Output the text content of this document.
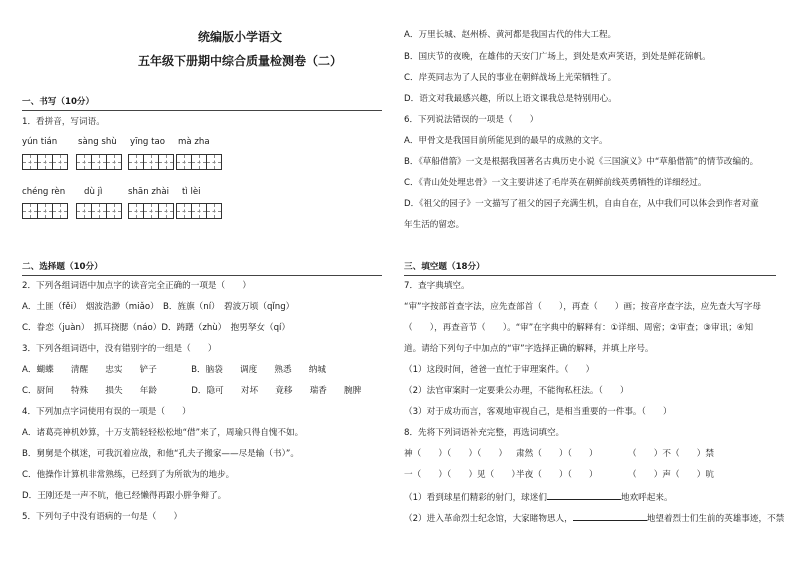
统编版小学语文
五年级下册期中综合质量检测卷（二）
一、书写（10分）
1．看拼音，写词语。
yún tián sàng shù yīng tao mà zha
chéng rèn dù jì	shān zhài tì lèi
二、选择题（10分）
2．下列各组词语中加点字的读音完全正确的一项是（　　）
A．土匪（fěi）　烟波浩渺（miǎo）　B．旌旗（ní）　碧波万顷（qǐng）
C．眷恋（juàn）　抓耳挠腮（náo）D．踌躇（zhù）　抱男孥女（qí）
3．下列各组词语中，没有错别字的一组是（　　）
A．蝴蝶　　清醒　　忠实　　铲子　　　　B．脑袋　　调度　　熟悉　　纳城
C．厨间　　特殊　　损失　　年龄　　　　D．隐可　　对坏　　竟移　　瑞香　　腕脾
4．下列加点字词使用有误的一项是（　　）
A．诸葛亮神机妙算，十万支箭轻轻松松地“借”来了，周瑜只得自愧不如。
B．舅舅是个棋迷，可我沉着应战，和他“孔夫子搬家——尽是输（书）”。
C．他操作计算机非常熟练，已经到了为所欲为的地步。
D．王刚还是一声不吭，他已经懒得再跟小胖争辩了。
5．下列句子中没有语病的一句是（　　）
A．万里长城、赵州桥、黄河都是我国古代的伟大工程。
B．国庆节的夜晚，在雄伟的天安门广场上，到处是欢声笑语，到处是鲜花锦帆。
C．岸英同志为了人民的事业在朝鲜战场上光荣牺牲了。
D．语文对我最感兴趣，所以上语文课我总是特别用心。
6．下列说法错误的一项是（　　）
A．甲骨文是我国目前所能见到的最早的成熟的文字。
B．《草船借箭》一文是根据我国著名古典历史小说《三国演义》中“草船借箭”的情节改编的。
C．《青山处处埋忠骨》一文主要讲述了毛岸英在朝鲜前线英勇牺牲的详细经过。
D．《祖父的园子》一文描写了祖父的园子充满生机，自由自在，从中我们可以体会到作者对童
年生活的留恋。
三、填空题（18分）
7．查字典填空。
“审”字按部首查字法，应先查部首（　　），再查（　　）画；按音序查字法，应先查大写字母
（　　），再查音节（　　）。“审”在字典中的解释有：①详细、周密；②审查；③审讯；④知
道。请给下列句子中加点的“审”字选择正确的解释，并填上序号。
（1）这段时间，爸爸一直忙于审理案件。（　　）
（2）法官审案时一定要秉公办理，不能徇私枉法。（　　）
（3）对于成功而言，客观地审视自己，是相当重要的一件事。（　　）
8．先将下列词语补充完整，再选词填空。
神（　　）（　　）（　　） 肃然（　　）（　　）	（　　）不（　　）禁
一（　　）（　　）见（　　）
半夜（　　）（　　）	（　　）声（　　）吭
（1）看到球星们精彩的射门，球迷们	地欢呼起来。
（2）进入革命烈士纪念馆，大家睹物思人，	地望着烈士们生前的英雄事迹，不禁
